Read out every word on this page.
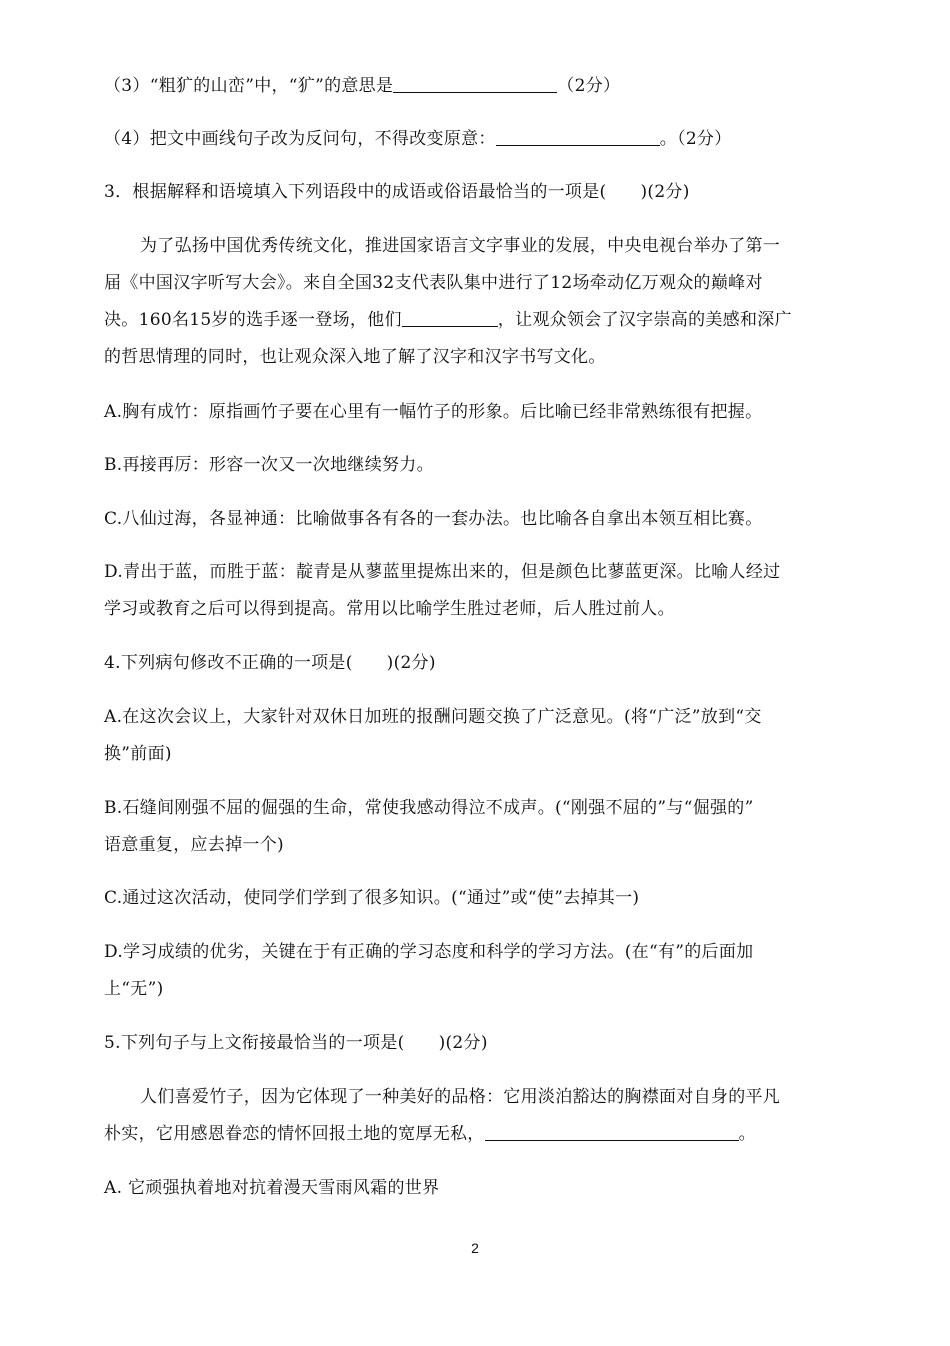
（3）“粗犷的山峦”中，“犷”的意思是	（2分）
（4）把文中画线句子改为反问句，不得改变原意：	。（2分）
3．根据解释和语境填入下列语段中的成语或俗语最恰当的一项是( )(2分)
为了弘扬中国优秀传统文化，推进国家语言文字事业的发展，中央电视台举办了第一
届《中国汉字听写大会》。来自全国32支代表队集中进行了12场牵动亿万观众的巅峰对
决。160名15岁的选手逐一登场，他们	，让观众领会了汉字崇高的美感和深广
的哲思情理的同时，也让观众深入地了解了汉字和汉字书写文化。
A.胸有成竹：原指画竹子要在心里有一幅竹子的形象。后比喻已经非常熟练很有把握。
B.再接再厉：形容一次又一次地继续努力。
C.八仙过海，各显神通：比喻做事各有各的一套办法。也比喻各自拿出本领互相比赛。
D.青出于蓝，而胜于蓝：靛青是从蓼蓝里提炼出来的，但是颜色比蓼蓝更深。比喻人经过
学习或教育之后可以得到提高。常用以比喻学生胜过老师，后人胜过前人。
4.下列病句修改不正确的一项是( )(2分)
A.在这次会议上，大家针对双休日加班的报酬问题交换了广泛意见。(将“广泛”放到“交
换”前面)
B.石缝间刚强不屈的倔强的生命，常使我感动得泣不成声。(“刚强不屈的”与“倔强的”
语意重复，应去掉一个)
C.通过这次活动，使同学们学到了很多知识。(“通过”或“使”去掉其一)
D.学习成绩的优劣，关键在于有正确的学习态度和科学的学习方法。(在“有”的后面加
上“无”)
5.下列句子与上文衔接最恰当的一项是( )(2分)
人们喜爱竹子，因为它体现了一种美好的品格：它用淡泊豁达的胸襟面对自身的平凡
朴实，它用感恩眷恋的情怀回报土地的宽厚无私，	。
A. 它顽强执着地对抗着漫天雪雨风霜的世界
2
